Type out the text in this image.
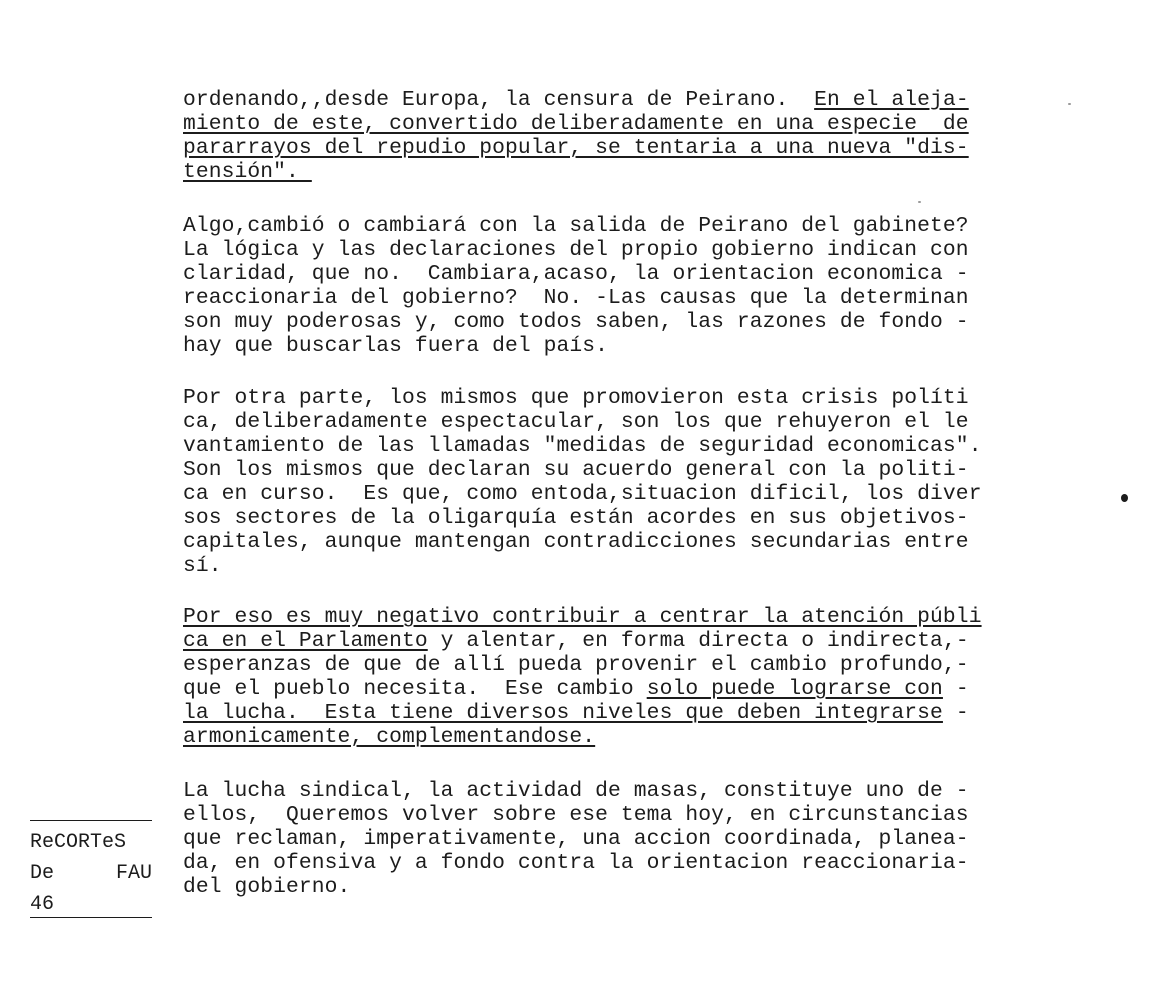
ordenando,,desde Europa, la censura de Peirano.  En el aleja-
miento de este, convertido deliberadamente en una especie  de
pararrayos del repudio popular, se tentaria a una nueva "dis-
tensión".
Algo,cambió o cambiará con la salida de Peirano del gabinete?
La lógica y las declaraciones del propio gobierno indican con
claridad, que no.  Cambiara,acaso, la orientacion economica -
reaccionaria del gobierno?  No. -Las causas que la determinan
son muy poderosas y, como todos saben, las razones de fondo -
hay que buscarlas fuera del país.
Por otra parte, los mismos que promovieron esta crisis políti
ca, deliberadamente espectacular, son los que rehuyeron el le
vantamiento de las llamadas "medidas de seguridad economicas".
Son los mismos que declaran su acuerdo general con la politi-
ca en curso.  Es que, como entoda,situacion dificil, los diver
sos sectores de la oligarquía están acordes en sus objetivos-
capitales, aunque mantengan contradicciones secundarias entre
sí.
Por eso es muy negativo contribuir a centrar la atención públi
ca en el Parlamento y alentar, en forma directa o indirecta,-
esperanzas de que de allí pueda provenir el cambio profundo,-
que el pueblo necesita.  Ese cambio solo puede lograrse con -
la lucha.  Esta tiene diversos niveles que deben integrarse -
armonicamente, complementandose.
La lucha sindical, la actividad de masas, constituye uno de -
ellos,  Queremos volver sobre ese tema hoy, en circunstancias
que reclaman, imperativamente, una accion coordinada, planea-
da, en ofensiva y a fondo contra la orientacion reaccionaria-
del gobierno.
ReCORTeS
De	FAU
46
